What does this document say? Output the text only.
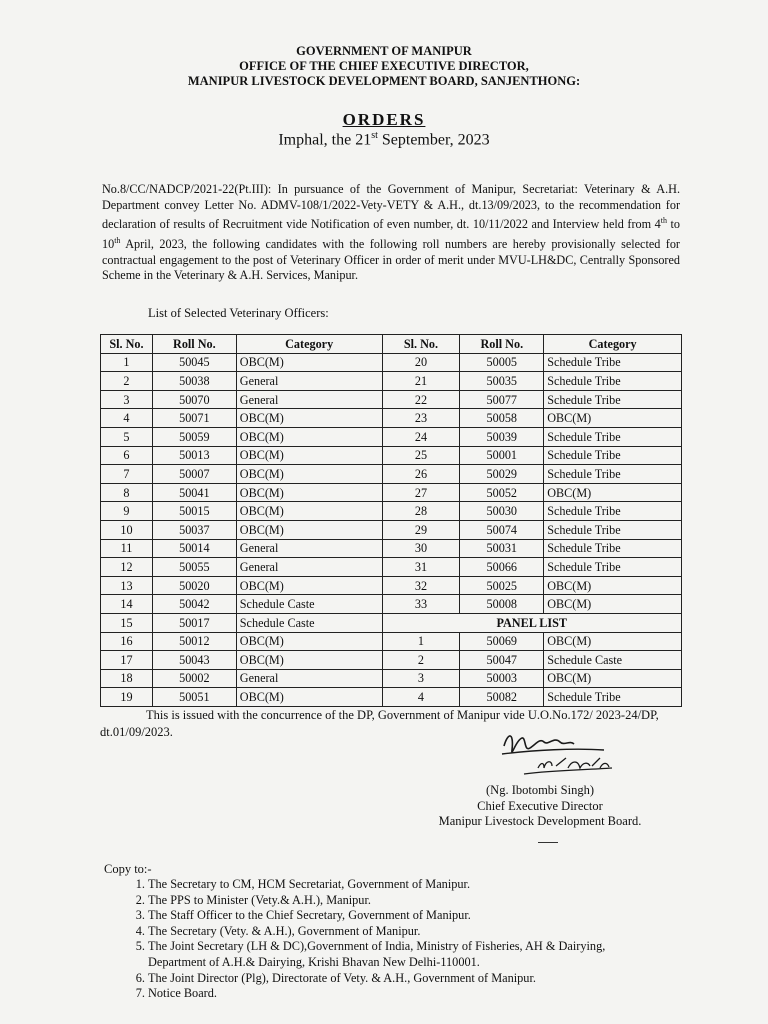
GOVERNMENT OF MANIPUR
OFFICE OF THE CHIEF EXECUTIVE DIRECTOR,
MANIPUR LIVESTOCK DEVELOPMENT BOARD, SANJENTHONG:
ORDERS
Imphal, the 21st September, 2023
No.8/CC/NADCP/2021-22(Pt.III): In pursuance of the Government of Manipur, Secretariat: Veterinary & A.H. Department convey Letter No. ADMV-108/1/2022-Vety-VETY & A.H., dt.13/09/2023, to the recommendation for declaration of results of Recruitment vide Notification of even number, dt. 10/11/2022 and Interview held from 4th to 10th April, 2023, the following candidates with the following roll numbers are hereby provisionally selected for contractual engagement to the post of Veterinary Officer in order of merit under MVU-LH&DC, Centrally Sponsored Scheme in the Veterinary & A.H. Services, Manipur.
List of Selected Veterinary Officers:
Sl. No.	Roll No.	Category	Sl. No.	Roll No.	Category
1	50045	OBC(M)	20	50005	Schedule Tribe
2	50038	General	21	50035	Schedule Tribe
3	50070	General	22	50077	Schedule Tribe
4	50071	OBC(M)	23	50058	OBC(M)
5	50059	OBC(M)	24	50039	Schedule Tribe
6	50013	OBC(M)	25	50001	Schedule Tribe
7	50007	OBC(M)	26	50029	Schedule Tribe
8	50041	OBC(M)	27	50052	OBC(M)
9	50015	OBC(M)	28	50030	Schedule Tribe
10	50037	OBC(M)	29	50074	Schedule Tribe
11	50014	General	30	50031	Schedule Tribe
12	50055	General	31	50066	Schedule Tribe
13	50020	OBC(M)	32	50025	OBC(M)
14	50042	Schedule Caste	33	50008	OBC(M)
15	50017	Schedule Caste	PANEL LIST		
16	50012	OBC(M)	1	50069	OBC(M)
17	50043	OBC(M)	2	50047	Schedule Caste
18	50002	General	3	50003	OBC(M)
19	50051	OBC(M)	4	50082	Schedule Tribe
This is issued with the concurrence of the DP, Government of Manipur vide U.O.No.172/ 2023-24/DP, dt.01/09/2023.
(Ng. Ibotombi Singh)
Chief Executive Director
Manipur Livestock Development Board.
Copy to:-
1. The Secretary to CM, HCM Secretariat, Government of Manipur.
2. The PPS to Minister (Vety.& A.H.), Manipur.
3. The Staff Officer to the Chief Secretary, Government of Manipur.
4. The Secretary (Vety. & A.H.), Government of Manipur.
5. The Joint Secretary (LH & DC),Government of India, Ministry of Fisheries, AH & Dairying, Department of A.H.& Dairying, Krishi Bhavan New Delhi-110001.
6. The Joint Director (Plg), Directorate of Vety. & A.H., Government of Manipur.
7. Notice Board.
